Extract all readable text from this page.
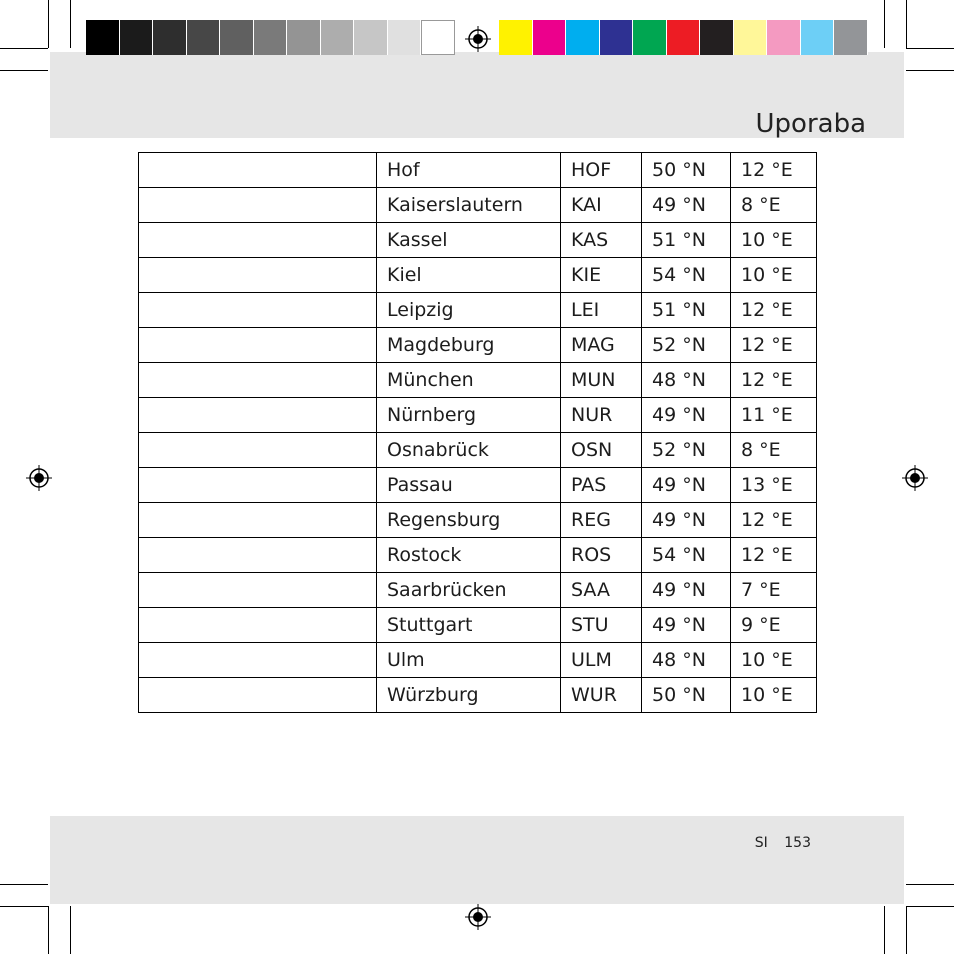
Uporaba
SI 153
	Hof	HOF	50 °N	12 °E
	Kaiserslautern	KAI	49 °N	8 °E
	Kassel	KAS	51 °N	10 °E
	Kiel	KIE	54 °N	10 °E
	Leipzig	LEI	51 °N	12 °E
	Magdeburg	MAG	52 °N	12 °E
	München	MUN	48 °N	12 °E
	Nürnberg	NUR	49 °N	11 °E
	Osnabrück	OSN	52 °N	8 °E
	Passau	PAS	49 °N	13 °E
	Regensburg	REG	49 °N	12 °E
	Rostock	ROS	54 °N	12 °E
	Saarbrücken	SAA	49 °N	7 °E
	Stuttgart	STU	49 °N	9 °E
	Ulm	ULM	48 °N	10 °E
	Würzburg	WUR	50 °N	10 °E
